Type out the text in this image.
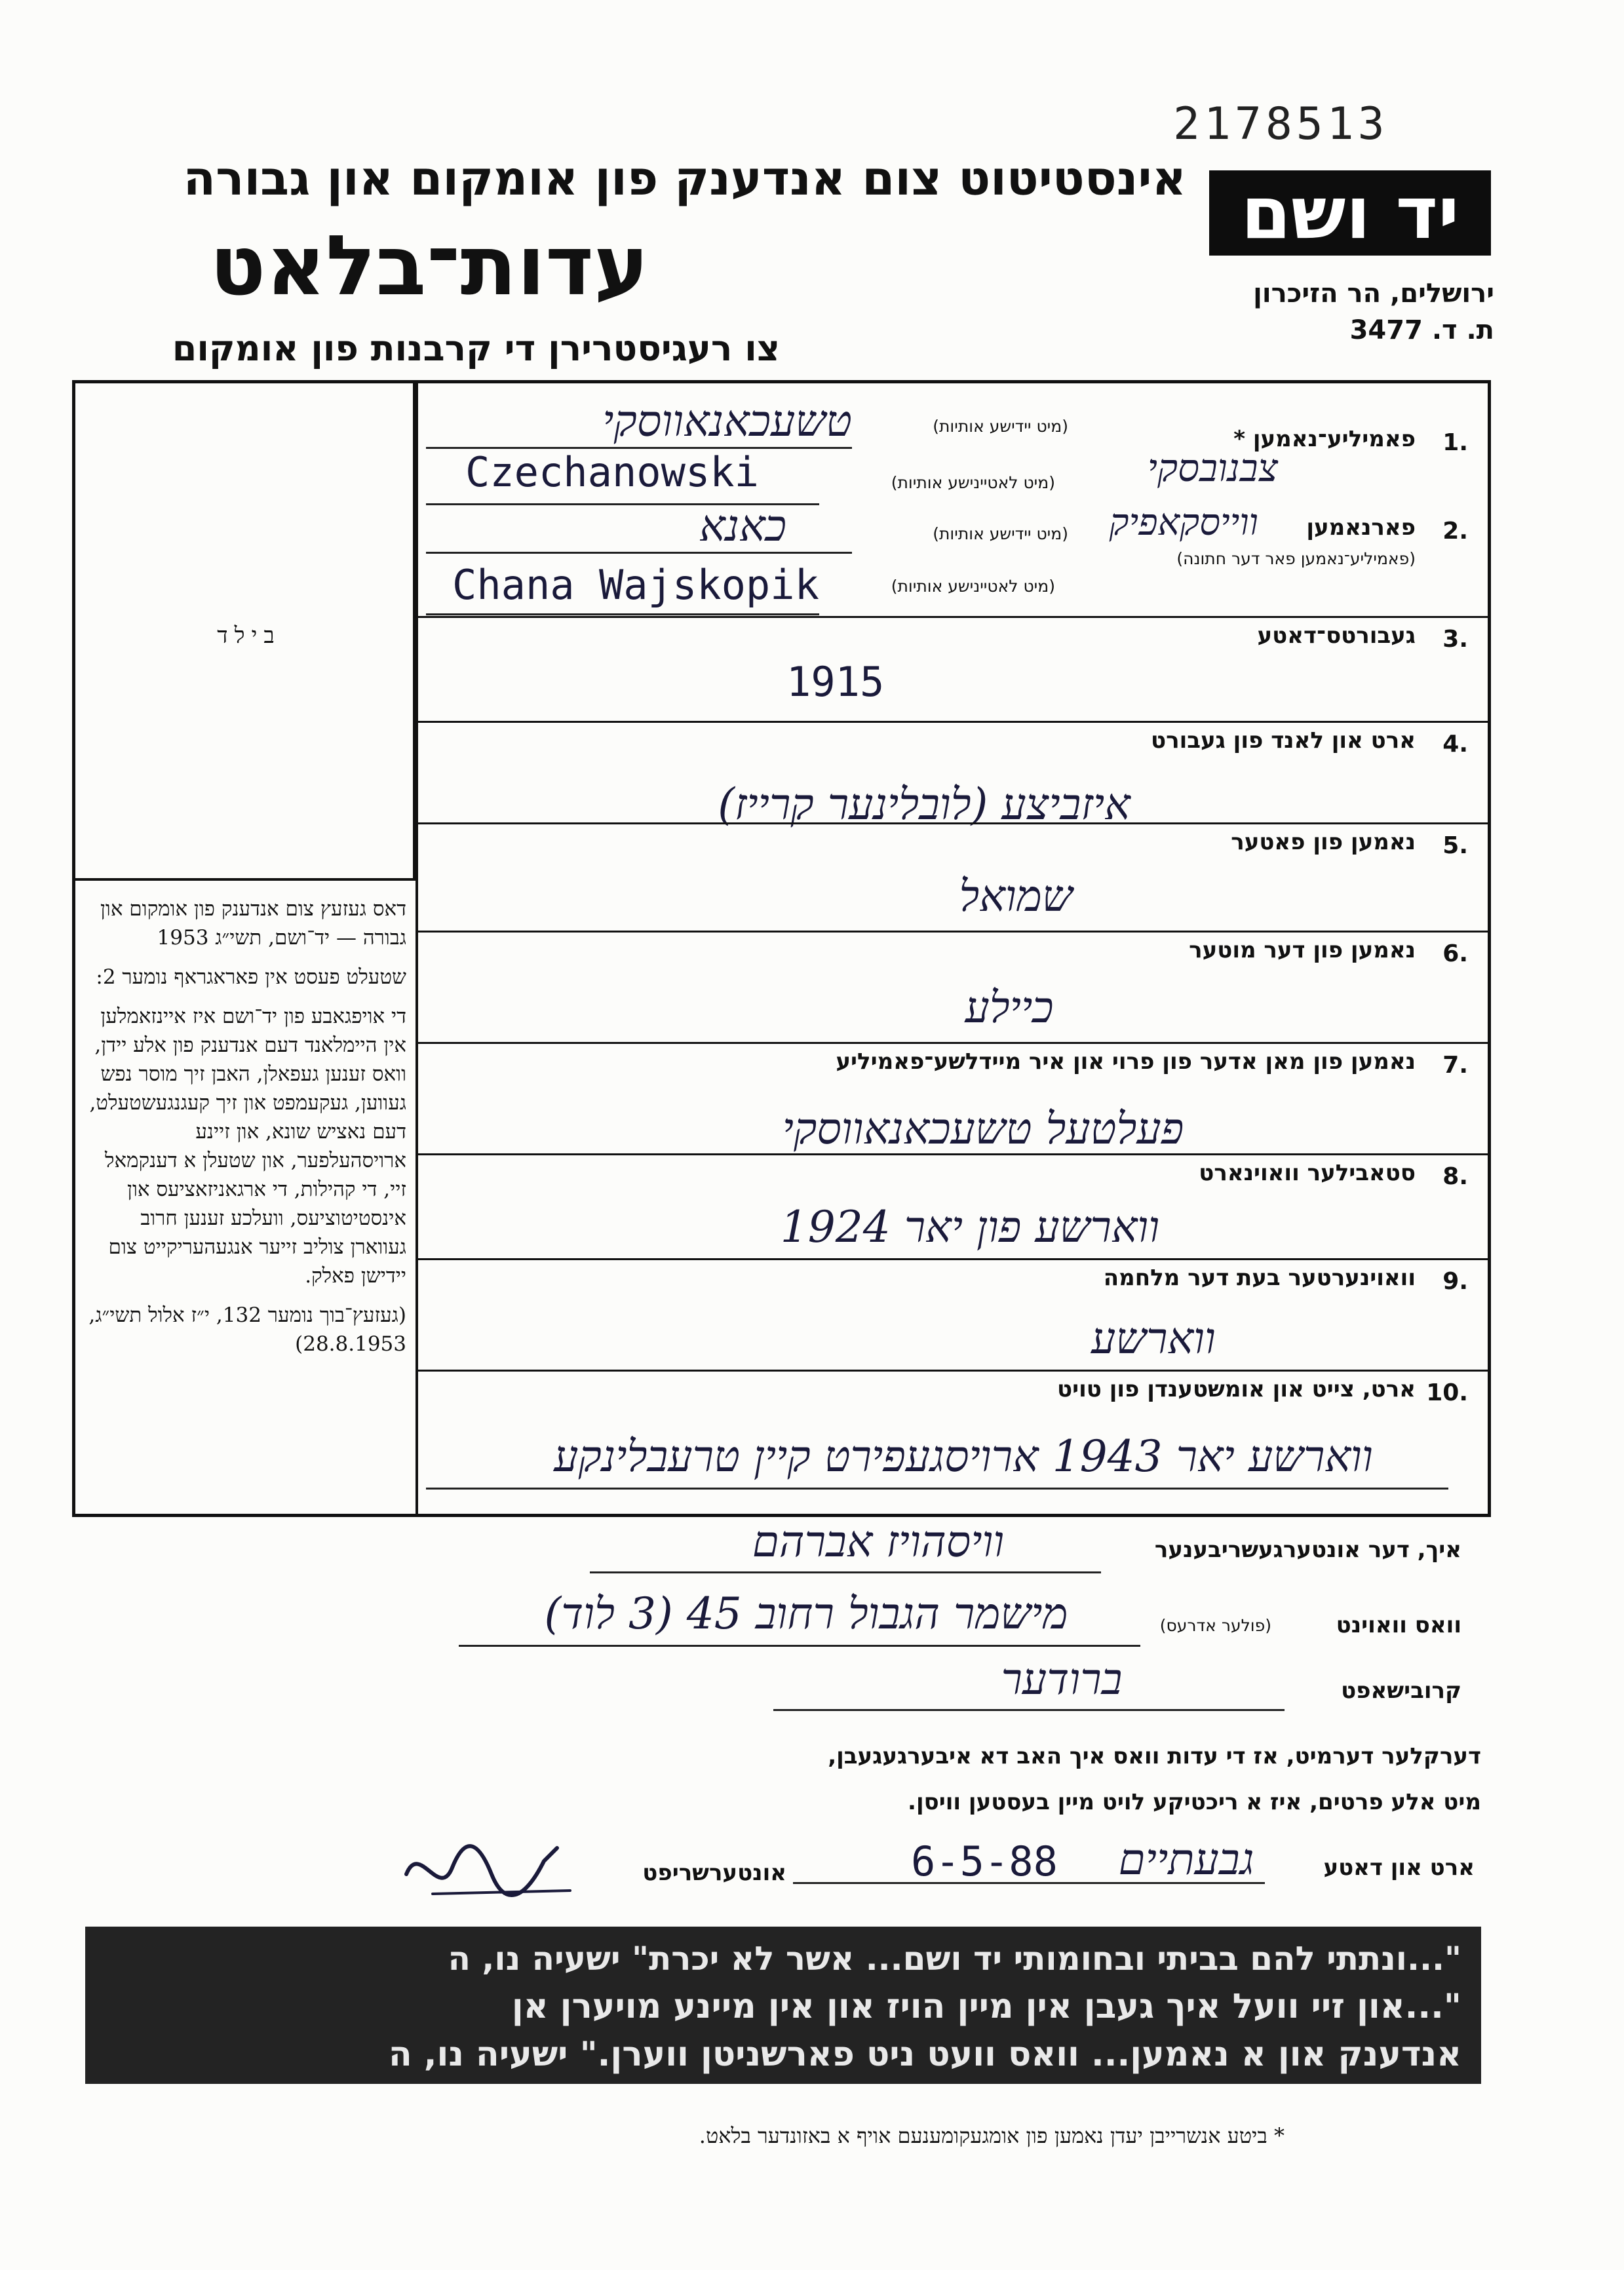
2178513
יד ושם
ירושלים, הר הזיכרון
ת. ד. 3477
אינסטיטוט צום אנדענק פון אומקום און גבורה
עדות־בלאט
צו רעגיסטרירן די קרבנות פון אומקום
בילד

דאס געזעץ צום אנדענק פון אומקום און גבורה — יד־ושם, תשי״ג 1953

שטעלט פעסט אין פאראגראף נומער 2:

די אויפגאבע פון יד־ושם איז איינזאמלען אין היימלאנד דעם אנדענק פון אלע יידן, וואס זענען געפאלן, האבן זיך מוסר נפש געווען, געקעמפט און זיך קעגנגעשטעלט, דעם נאציש שונא, און זיינע ארויסהעלפער, און שטעלן א דענקמאל זיי, די קהילות, די ארגאניזאציעס און אינסטיטוציעס, וועלכע זענען חרוב געווארן צוליב זייער אנגעהעריקייט צום יידישן פאלק.

(געזעץ־בוך נומער 132, י״ז אלול תשי״ג, 28.8.1953)

1.
פאמיליע־נאמען *
(מיט יידישע אותיות)
טשעכאנאווסקי
(מיט לאטיינישע אותיות)
Czechanowski	צבנובסקי
2.
פארנאמען
(פאמיליע־נאמען פאר דער חתונה)
(מיט יידישע אותיות)
כאנא
(מיט לאטיינישע אותיות)
Chana Wajskopik
ווייסקאפיק
3.
געבורטס־דאטע
1915
4.
ארט און לאנד פון געבורט
איזביצע (לובלינער קרייז)
5.
נאמען פון פאטער
שמואל
6.
נאמען פון דער מוטער
כיילע
7.
נאמען פון מאן אדער פון פרוי און איר מיידלשע־פאמיליע
פעלטעל טשעכאנאווסקי
8.
סטאבילער וואוינארט
ווארשע פון יאר 1924
9.
וואוינערטער בעת דער מלחמה
ווארשע
10.
ארט, צייט און אומשטענדן פון טויט
ווארשע יאר 1943 ארויסגעפירט קיין טרעבלינקע
איך, דער אונטערגעשריבענער
וויסהויז אברהם
וואס וואוינט
(פולער אדרעס)
מישמר הגבול רחוב 45 (3 לוד)
קרובישאפט
ברודער
דערקלער דערמיט, אז די עדות וואס איך האב דא איבערגעגעבן,
מיט אלע פרטים, איז א ריכטיקע לויט מיין בעסטען וויסן.
ארט און דאטע
גבעתיים
6-5-88
אונטערשריפט
"...ונתתי להם בביתי ובחומותי יד ושם... אשר לא יכרת" ישעיה נו, ה
"...און זיי וועל איך געבן אין מיין הויז און אין מיינע מויערן אן
אנדענק און א נאמען... וואס וועט ניט פארשניטן ווערן." ישעיה נו, ה
* ביטע אנשרייבן יעדן נאמען פון אומגעקומענעם אויף א באזונדער בלאט.
